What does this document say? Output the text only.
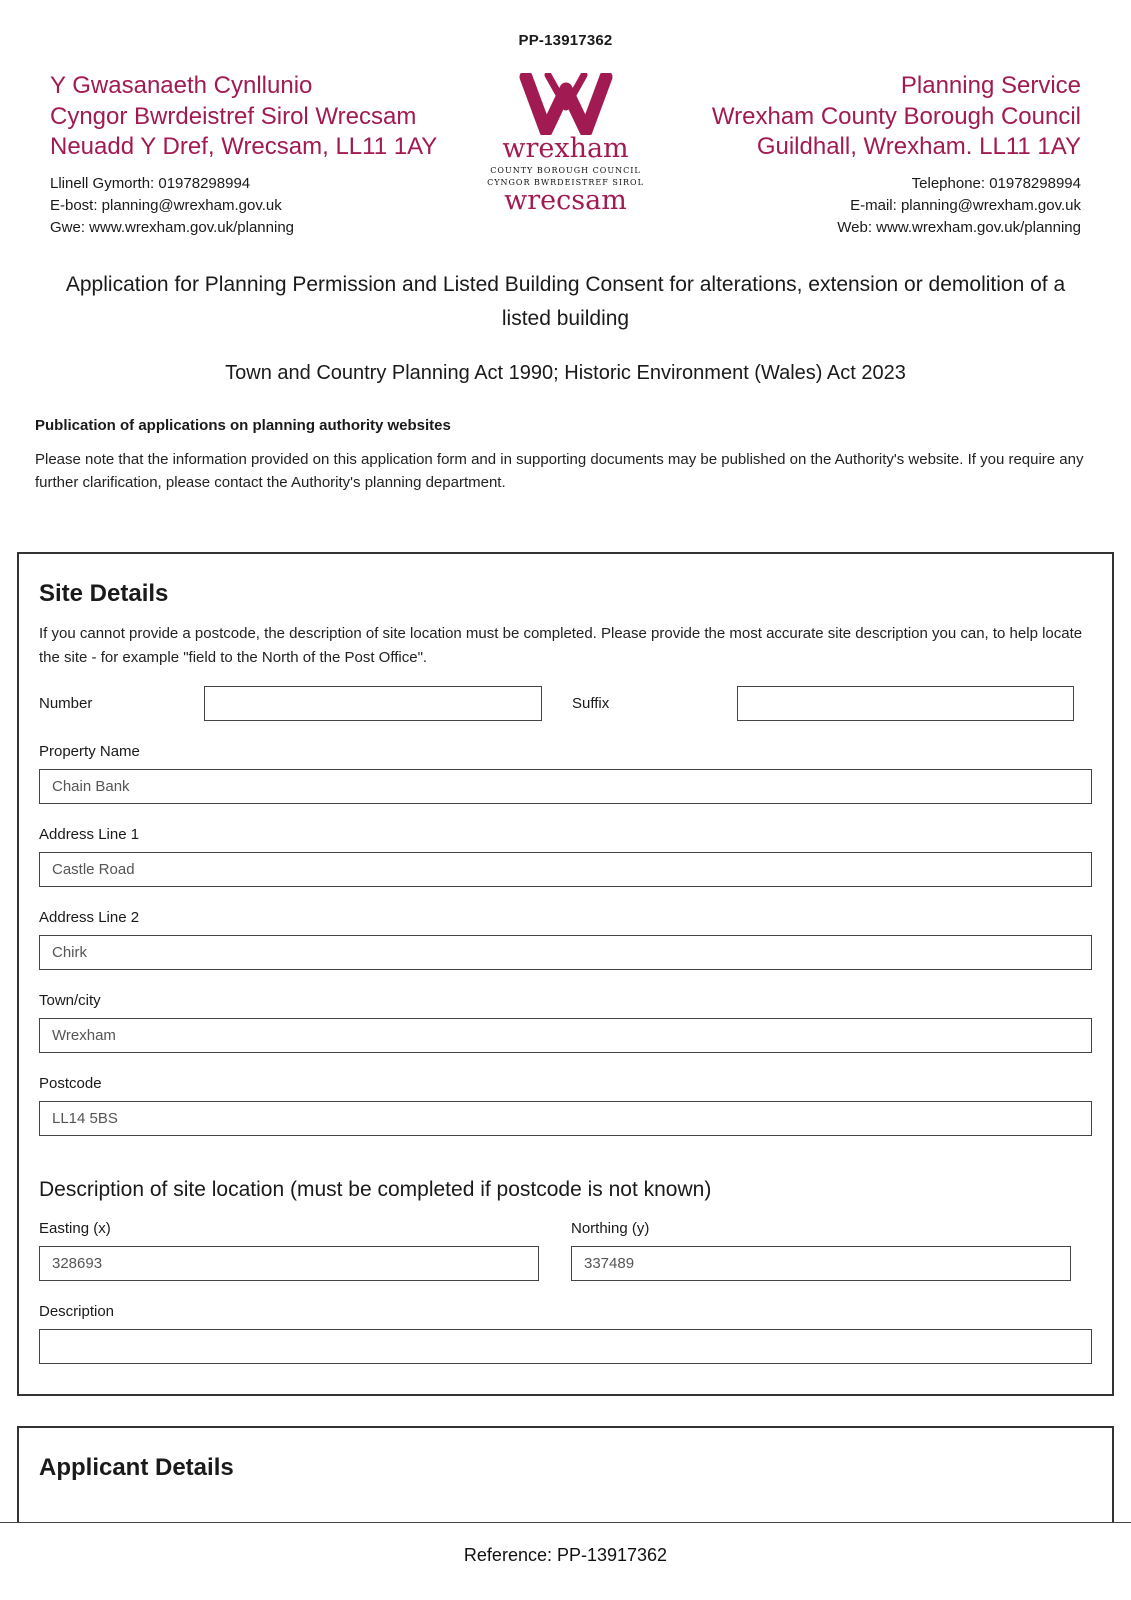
PP-13917362
Y Gwasanaeth Cynllunio
Cyngor Bwrdeistref Sirol Wrecsam
Neuadd Y Dref, Wrecsam, LL11 1AY
Llinell Gymorth: 01978298994
E-bost: planning@wrexham.gov.uk
Gwe: www.wrexham.gov.uk/planning
wrexham
COUNTY BOROUGH COUNCIL
CYNGOR BWRDEISTREF SIROL
wrecsam
Planning Service
Wrexham County Borough Council
Guildhall, Wrexham. LL11 1AY
Telephone: 01978298994
E-mail: planning@wrexham.gov.uk
Web: www.wrexham.gov.uk/planning
Application for Planning Permission and Listed Building Consent for alterations, extension or demolition of a listed building
Town and Country Planning Act 1990; Historic Environment (Wales) Act 2023
Publication of applications on planning authority websites
Please note that the information provided on this application form and in supporting documents may be published on the Authority's website. If you require any further clarification, please contact the Authority's planning department.
Site Details
If you cannot provide a postcode, the description of site location must be completed. Please provide the most accurate site description you can, to help locate the site - for example "field to the North of the Post Office".
Number	Suffix
Property Name
Chain Bank
Address Line 1
Castle Road
Address Line 2
Chirk
Town/city
Wrexham
Postcode
LL14 5BS
Description of site location (must be completed if postcode is not known)
Easting (x)
328693	Northing (y)
337489
Description
Applicant Details
Reference: PP-13917362
